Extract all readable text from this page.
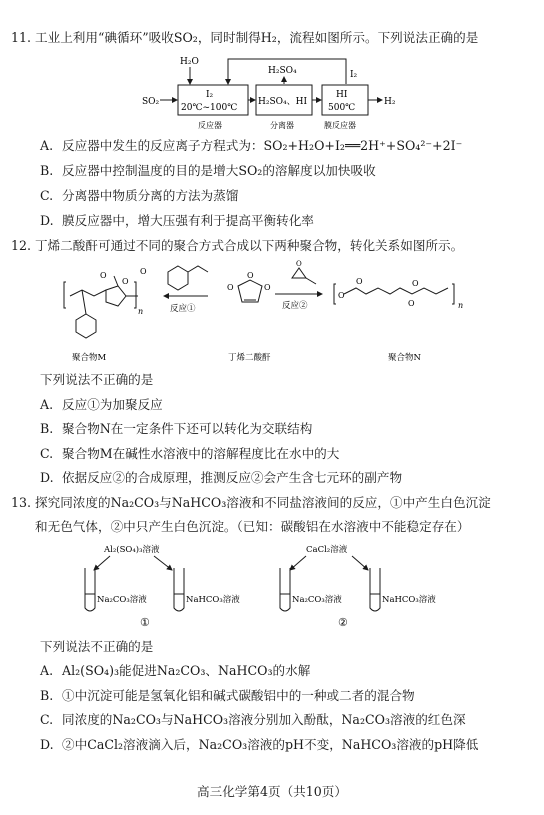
11. 工业上利用“碘循环”吸收SO₂，同时制得H₂，流程如图所示。下列说法正确的是
SO₂
H₂O
I₂
H₂SO₄
H₂
I₂
20℃~100℃
H₂SO₄、HI
HI
500℃
反应器	分离器	膜反应器
A. 反应器中发生的反应离子方程式为：SO₂+H₂O+I₂══2H⁺+SO₄²⁻+2I⁻
B. 反应器中控制温度的目的是增大SO₂的溶解度以加快吸收
C. 分离器中物质分离的方法为蒸馏
D. 膜反应器中，增大压强有利于提高平衡转化率
12. 丁烯二酸酐可通过不同的聚合方式合成以下两种聚合物，转化关系如图所示。
O
O
O
n	反应①
O
O
O
O
反应②
O
O
O
O
n
聚合物M	丁烯二酸酐	聚合物N
下列说法不正确的是
A. 反应①为加聚反应
B. 聚合物N在一定条件下还可以转化为交联结构
C. 聚合物M在碱性水溶液中的溶解程度比在水中的大
D. 依据反应②的合成原理，推测反应②会产生含七元环的副产物
13. 探究同浓度的Na₂CO₃与NaHCO₃溶液和不同盐溶液间的反应，①中产生白色沉淀
和无色气体，②中只产生白色沉淀。（已知：碳酸铝在水溶液中不能稳定存在）
Al₂(SO₄)₃溶液
Na₂CO₃溶液	NaHCO₃溶液
①
CaCl₂溶液
Na₂CO₃溶液	NaHCO₃溶液
②
下列说法不正确的是
A. Al₂(SO₄)₃能促进Na₂CO₃、NaHCO₃的水解
B. ①中沉淀可能是氢氧化铝和碱式碳酸铝中的一种或二者的混合物
C. 同浓度的Na₂CO₃与NaHCO₃溶液分别加入酚酞，Na₂CO₃溶液的红色深
D. ②中CaCl₂溶液滴入后，Na₂CO₃溶液的pH不变，NaHCO₃溶液的pH降低
高三化学第4页（共10页）
